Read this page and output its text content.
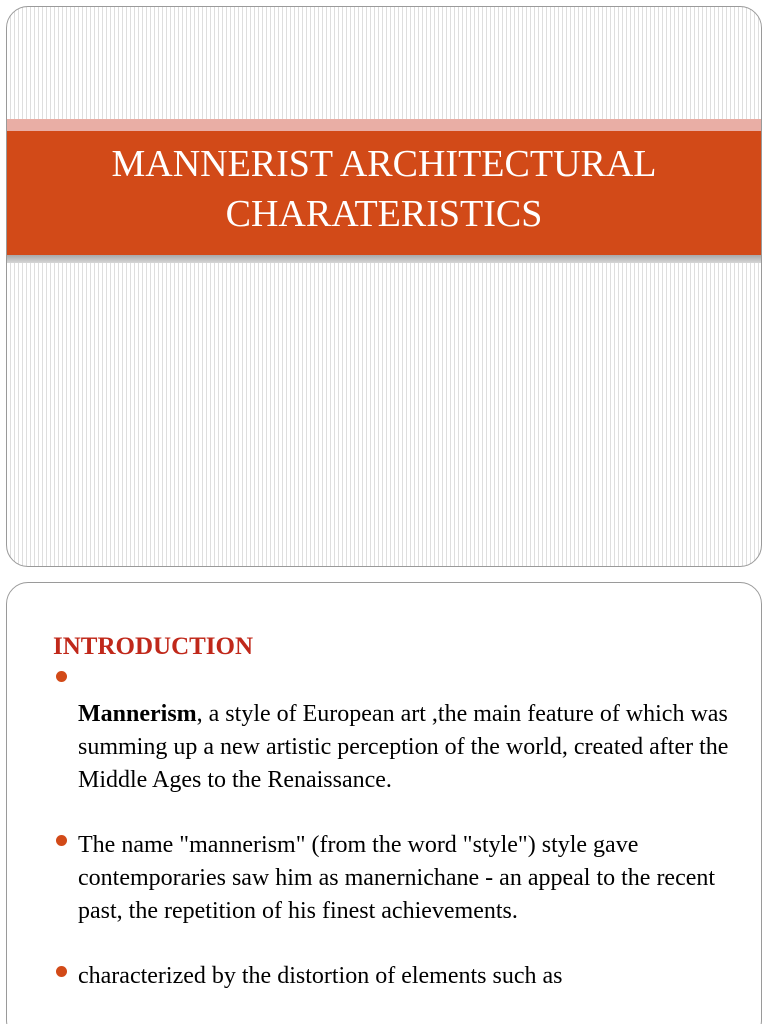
MANNERIST ARCHITECTURAL
CHARATERISTICS
INTRODUCTION
Mannerism, a style of European art ,the main feature of which was summing up a new artistic perception of the world, created after the Middle Ages to the Renaissance.
The name "mannerism" (from the word "style") style gave contemporaries saw him as manernichane - an appeal to the recent past, the repetition of his finest achievements.
characterized by the distortion of elements such as
